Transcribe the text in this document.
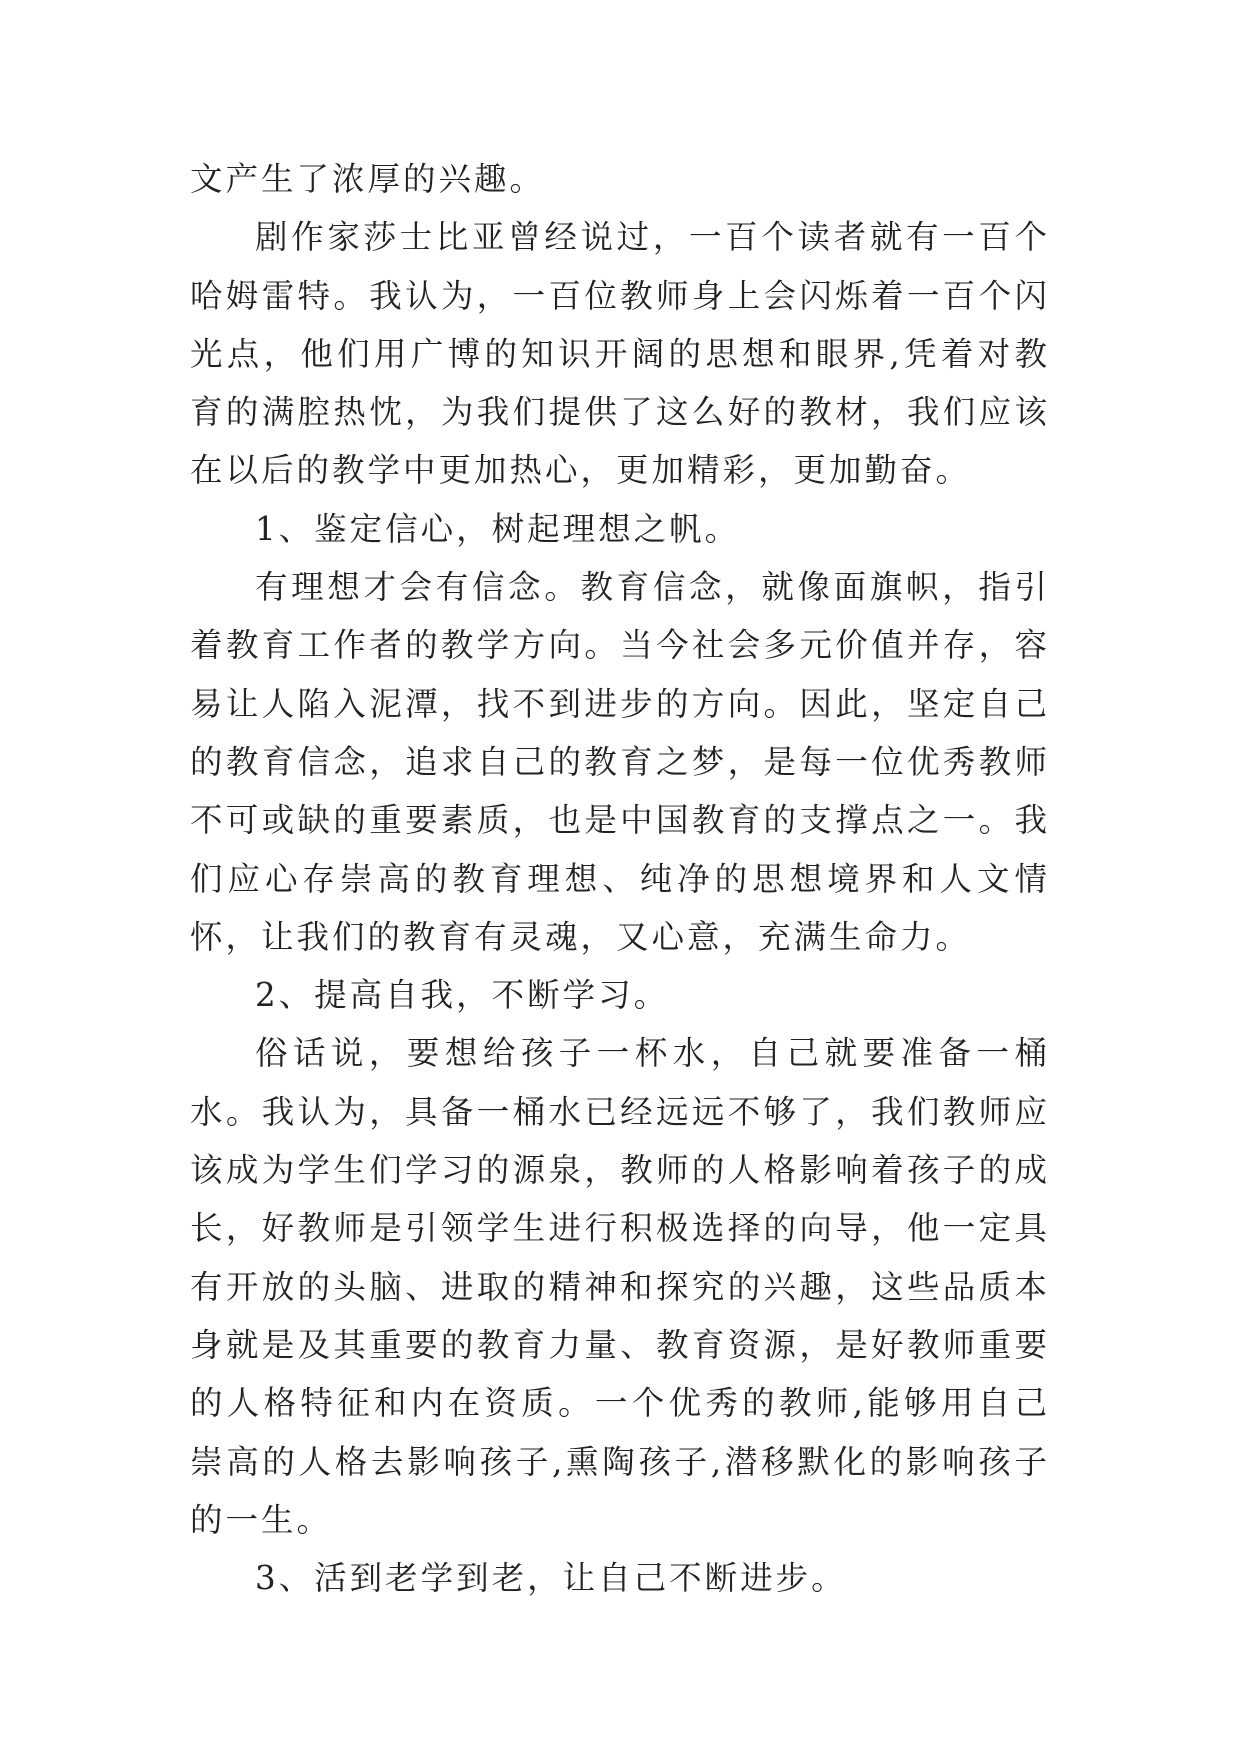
文产生了浓厚的兴趣。

剧作家莎士比亚曾经说过，一百个读者就有一百个哈姆雷特。我认为，一百位教师身上会闪烁着一百个闪光点，他们用广博的知识开阔的思想和眼界,凭着对教育的满腔热忱，为我们提供了这么好的教材，我们应该在以后的教学中更加热心，更加精彩，更加勤奋。

1、鉴定信心，树起理想之帆。

有理想才会有信念。教育信念，就像面旗帜，指引着教育工作者的教学方向。当今社会多元价值并存，容易让人陷入泥潭，找不到进步的方向。因此，坚定自己的教育信念，追求自己的教育之梦，是每一位优秀教师不可或缺的重要素质，也是中国教育的支撑点之一。我们应心存崇高的教育理想、纯净的思想境界和人文情怀，让我们的教育有灵魂，又心意，充满生命力。

2、提高自我，不断学习。

俗话说，要想给孩子一杯水，自己就要准备一桶水。我认为，具备一桶水已经远远不够了，我们教师应该成为学生们学习的源泉，教师的人格影响着孩子的成长，好教师是引领学生进行积极选择的向导，他一定具有开放的头脑、进取的精神和探究的兴趣，这些品质本身就是及其重要的教育力量、教育资源，是好教师重要的人格特征和内在资质。一个优秀的教师,能够用自己崇高的人格去影响孩子,熏陶孩子,潜移默化的影响孩子的一生。

3、活到老学到老，让自己不断进步。
